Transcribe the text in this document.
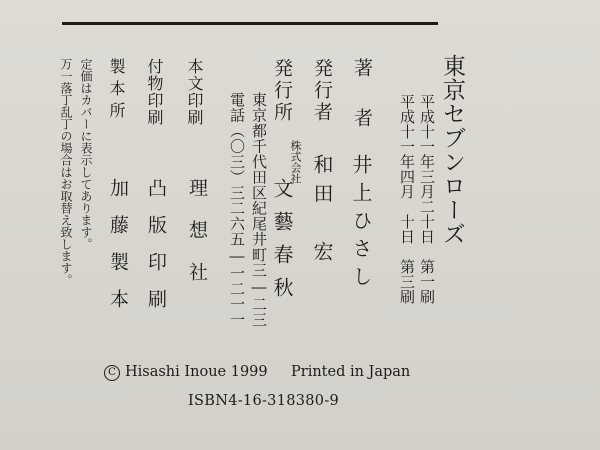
東京セブンローズ
平成十一年三月二十日　第一刷
平成十一年四月　十日　第三刷
著　者
井上ひさし
発行者
和田　宏
発行所
株式会社
文藝春秋
東京都千代田区紀尾井町三―二三
電話（〇三）三二六五―一二一一
本文印刷
理　想　社
付物印刷
凸版印刷
製本所
加藤製本
定価はカバーに表示してあります。
万一落丁乱丁の場合はお取替え致します。
C Hisashi Inoue 1999 Printed in Japan
ISBN4-16-318380-9
